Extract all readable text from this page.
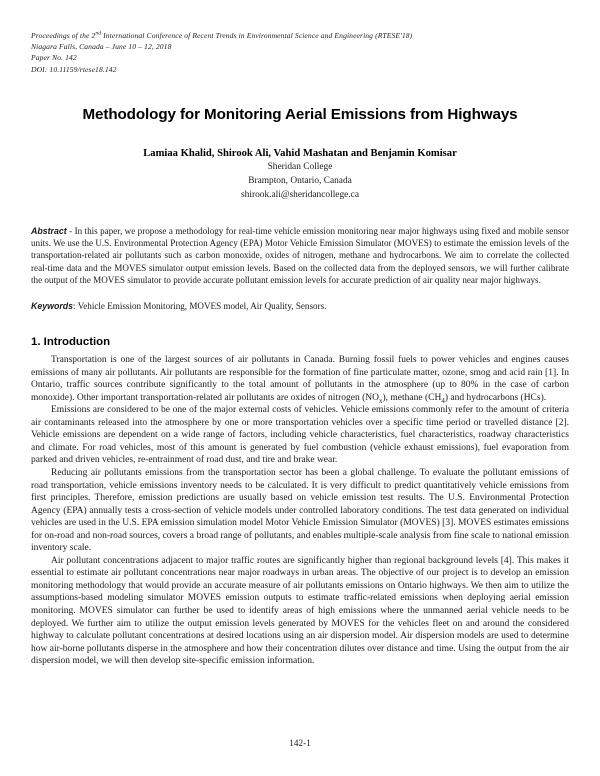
Proceedings of the 2nd International Conference of Recent Trends in Environmental Science and Engineering (RTESE'18)
Niagara Falls, Canada – June 10 – 12, 2018
Paper No. 142
DOI: 10.11159/rtese18.142
Methodology for Monitoring Aerial Emissions from Highways
Lamiaa Khalid, Shirook Ali, Vahid Mashatan and Benjamin Komisar
Sheridan College
Brampton, Ontario, Canada
shirook.ali@sheridancollege.ca
Abstract - In this paper, we propose a methodology for real-time vehicle emission monitoring near major highways using fixed and mobile sensor units. We use the U.S. Environmental Protection Agency (EPA) Motor Vehicle Emission Simulator (MOVES) to estimate the emission levels of the transportation-related air pollutants such as carbon monoxide, oxides of nitrogen, methane and hydrocarbons. We aim to correlate the collected real-time data and the MOVES simulator output emission levels. Based on the collected data from the deployed sensors, we will further calibrate the output of the MOVES simulator to provide accurate pollutant emission levels for accurate prediction of air quality near major highways.
Keywords: Vehicle Emission Monitoring, MOVES model, Air Quality, Sensors.
1. Introduction

Transportation is one of the largest sources of air pollutants in Canada. Burning fossil fuels to power vehicles and engines causes emissions of many air pollutants. Air pollutants are responsible for the formation of fine particulate matter, ozone, smog and acid rain [1]. In Ontario, traffic sources contribute significantly to the total amount of pollutants in the atmosphere (up to 80% in the case of carbon monoxide). Other important transportation-related air pollutants are oxides of nitrogen $(NO_x)$, methane $(CH_4)$ and hydrocarbons (HCs).

Emissions are considered to be one of the major external costs of vehicles. Vehicle emissions commonly refer to the amount of criteria air contaminants released into the atmosphere by one or more transportation vehicles over a specific time period or travelled distance [2]. Vehicle emissions are dependent on a wide range of factors, including vehicle characteristics, fuel characteristics, roadway characteristics and climate. For road vehicles, most of this amount is generated by fuel combustion (vehicle exhaust emissions), fuel evaporation from parked and driven vehicles, re-entrainment of road dust, and tire and brake wear.

Reducing air pollutants emissions from the transportation sector has been a global challenge. To evaluate the pollutant emissions of road transportation, vehicle emissions inventory needs to be calculated. It is very difficult to predict quantitatively vehicle emissions from first principles. Therefore, emission predictions are usually based on vehicle emission test results. The U.S. Environmental Protection Agency (EPA) annually tests a cross-section of vehicle models under controlled laboratory conditions. The test data generated on individual vehicles are used in the U.S. EPA emission simulation model Motor Vehicle Emission Simulator (MOVES) [3]. MOVES estimates emissions for on-road and non-road sources, covers a broad range of pollutants, and enables multiple-scale analysis from fine scale to national emission inventory scale.

Air pollutant concentrations adjacent to major traffic routes are significantly higher than regional background levels [4]. This makes it essential to estimate air pollutant concentrations near major roadways in urban areas. The objective of our project is to develop an emission monitoring methodology that would provide an accurate measure of air pollutants emissions on Ontario highways. We then aim to utilize the assumptions-based modeling simulator MOVES emission outputs to estimate traffic-related emissions when deploying aerial emission monitoring. MOVES simulator can further be used to identify areas of high emissions where the unmanned aerial vehicle needs to be deployed. We further aim to utilize the output emission levels generated by MOVES for the vehicles fleet on and around the considered highway to calculate pollutant concentrations at desired locations using an air dispersion model. Air dispersion models are used to determine how air-borne pollutants disperse in the atmosphere and how their concentration dilutes over distance and time. Using the output from the air dispersion model, we will then develop site-specific emission information.

142-1
